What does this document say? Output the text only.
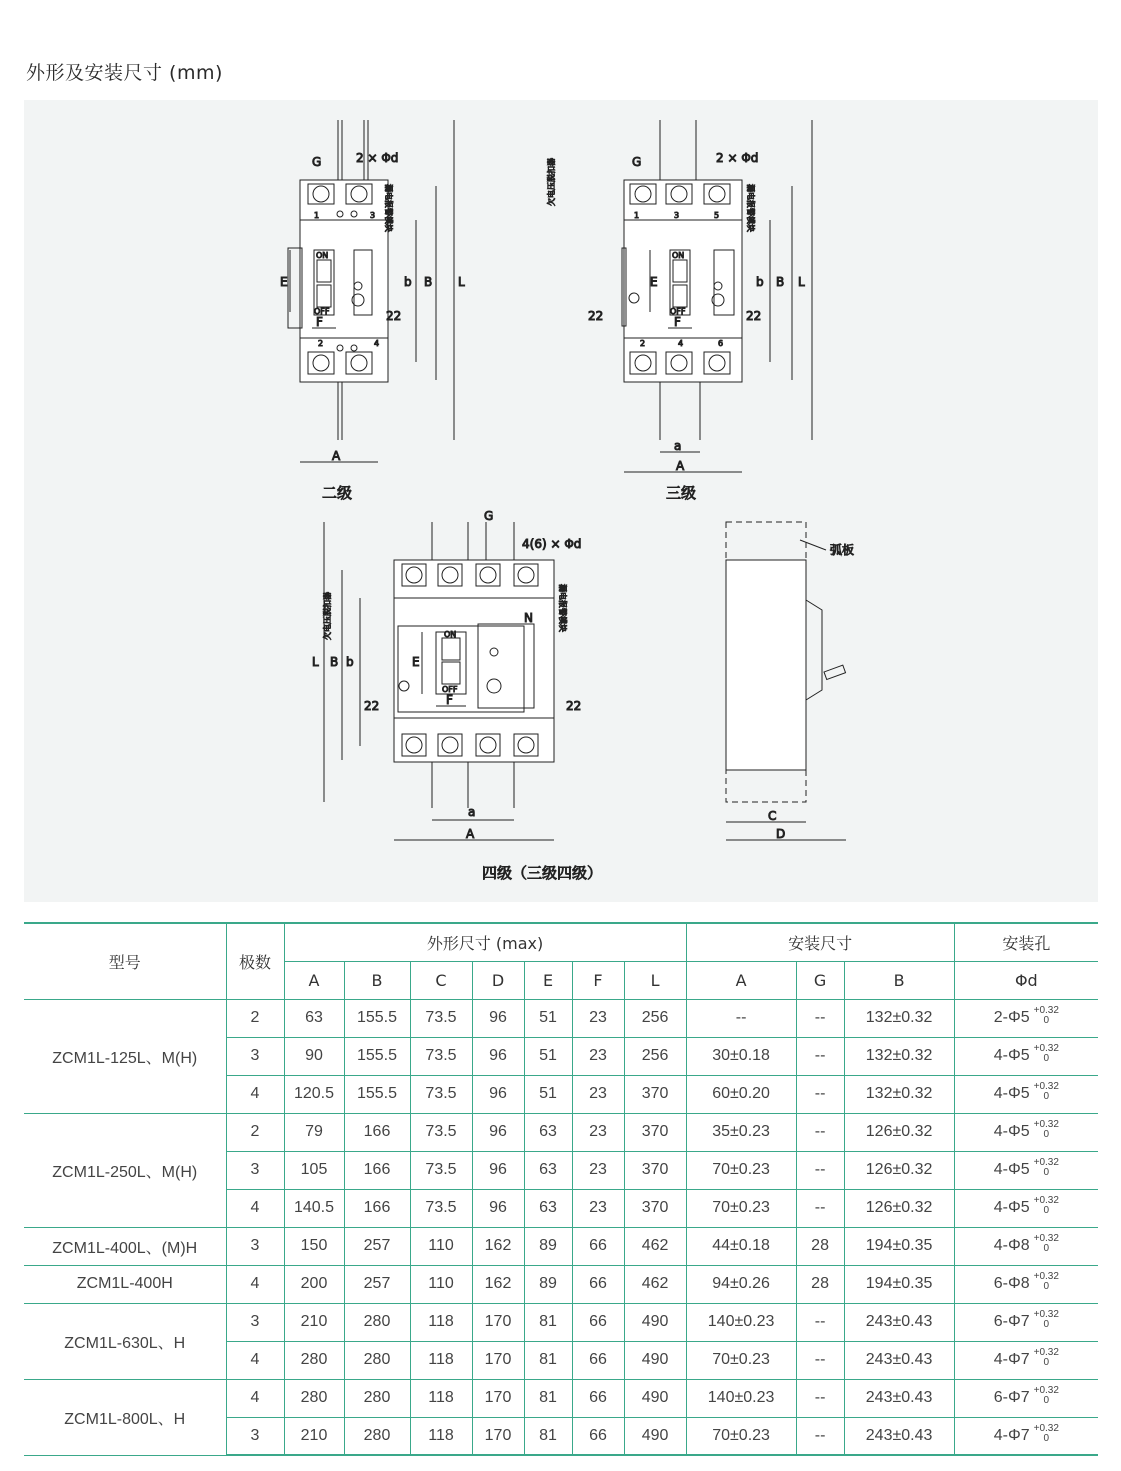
外形及安装尺寸 (mm)
1	3
ON
OFF
2	4
A
L
B
b
E
F	22
G	2 × Φd
漏电报警模块
二级
1	3	5
ON
OFF
2	4	6
a
A
L
B
b
E
F
22	22
G	2 × Φd
欠电压脱扣器
漏电报警模块
三级
ON
OFF
N
a
A
L B b	E
F
22	22
G
4(6) × Φd
欠电压脱扣器	漏电报警模块
四级（三级四级）
C
D
弧板
型号	极数	外形尺寸 (max)							安装尺寸			安装孔
		A	B	C	D	E	F	L	A	G	B	Φd
ZCM1L-125L、M(H)	2	63	155.5	73.5	96	51	23	256	--	--	132±0.32	2-Φ5 +0.32
0

	3	90	155.5	73.5	96	51	23	256	30±0.18	--	132±0.32	4-Φ5 +0.32
0

	4	120.5	155.5	73.5	96	51	23	370	60±0.20	--	132±0.32	4-Φ5 +0.32
0

ZCM1L-250L、M(H)	2	79	166	73.5	96	63	23	370	35±0.23	--	126±0.32	4-Φ5 +0.32
0

	3	105	166	73.5	96	63	23	370	70±0.23	--	126±0.32	4-Φ5 +0.32
0

	4	140.5	166	73.5	96	63	23	370	70±0.23	--	126±0.32	4-Φ5 +0.32
0

ZCM1L-400L、(M)H	3	150	257	110	162	89	66	462	44±0.18	28	194±0.35	4-Φ8 +0.32
0

ZCM1L-400H	4	200	257	110	162	89	66	462	94±0.26	28	194±0.35	6-Φ8 +0.32
0

ZCM1L-630L、H	3	210	280	118	170	81	66	490	140±0.23	--	243±0.43	6-Φ7 +0.32
0

	4	280	280	118	170	81	66	490	70±0.23	--	243±0.43	4-Φ7 +0.32
0

ZCM1L-800L、H	4	280	280	118	170	81	66	490	140±0.23	--	243±0.43	6-Φ7 +0.32
0

	3	210	280	118	170	81	66	490	70±0.23	--	243±0.43	4-Φ7 +0.32
0
